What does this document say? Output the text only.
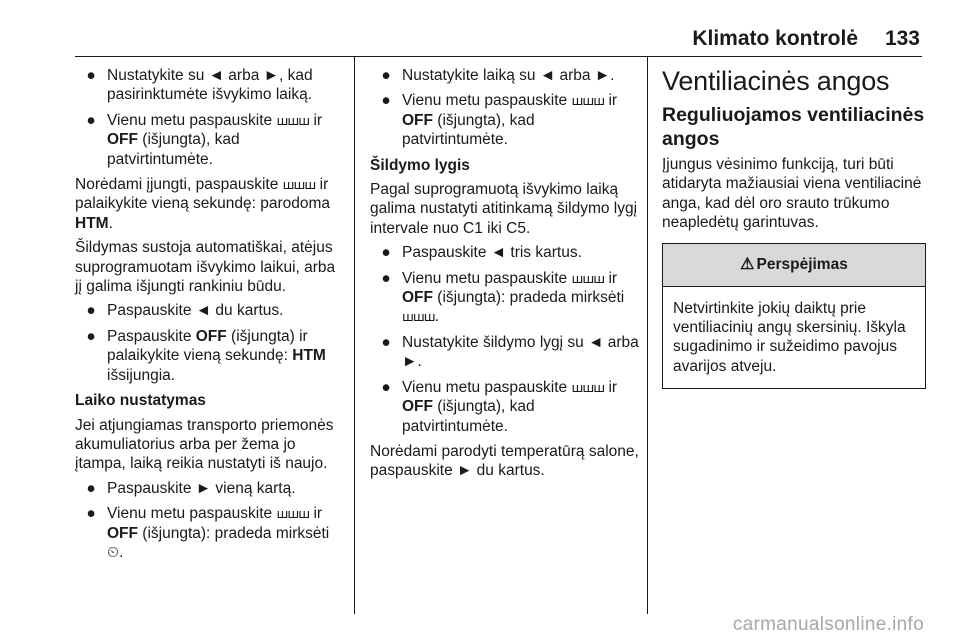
Klimato kontrolė 133
● Nustatykite su ◄ arba ►, kad pasirinktumėte išvykimo laiką.
● Vienu metu paspauskite ꟺꟺꟺ ir OFF (išjungta), kad patvirtintumėte.

Norėdami įjungti, paspauskite ꟺꟺꟺ ir palaikykite vieną sekundę: parodoma HTM.

Šildymas sustoja automatiškai, atėjus suprogramuotam išvykimo laikui, arba jį galima išjungti rankiniu būdu.

● Paspauskite ◄ du kartus.
● Paspauskite OFF (išjungta) ir palaikykite vieną sekundę: HTM išsijungia.

Laiko nustatymas

Jei atjungiamas transporto priemonės akumuliatorius arba per žema jo įtampa, laiką reikia nustatyti iš naujo.

● Paspauskite ► vieną kartą.
● Vienu metu paspauskite ꟺꟺꟺ ir OFF (išjungta): pradeda mirksėti ⏲.
● Nustatykite laiką su ◄ arba ►.
● Vienu metu paspauskite ꟺꟺꟺ ir OFF (išjungta), kad patvirtintumėte.

Šildymo lygis

Pagal suprogramuotą išvykimo laiką galima nustatyti atitinkamą šildymo lygį intervale nuo C1 iki C5.

● Paspauskite ◄ tris kartus.
● Vienu metu paspauskite ꟺꟺꟺ ir OFF (išjungta): pradeda mirksėti ꟺꟺꟺ.
● Nustatykite šildymo lygį su ◄ arba ►.
● Vienu metu paspauskite ꟺꟺꟺ ir OFF (išjungta), kad patvirtintumėte.

Norėdami parodyti temperatūrą salone, paspauskite ► du kartus.

Ventiliacinės angos
Reguliuojamos ventiliacinės angos

Įjungus vėsinimo funkciją, turi būti atidaryta mažiausiai viena ventiliacinė anga, kad dėl oro srauto trūkumo neapledėtų garintuvas.

⚠ Perspėjimas
Netvirtinkite jokių daiktų prie ventiliacinių angų skersinių. Iškyla sugadinimo ir sužeidimo pavojus avarijos atveju.
carmanualsonline.info
